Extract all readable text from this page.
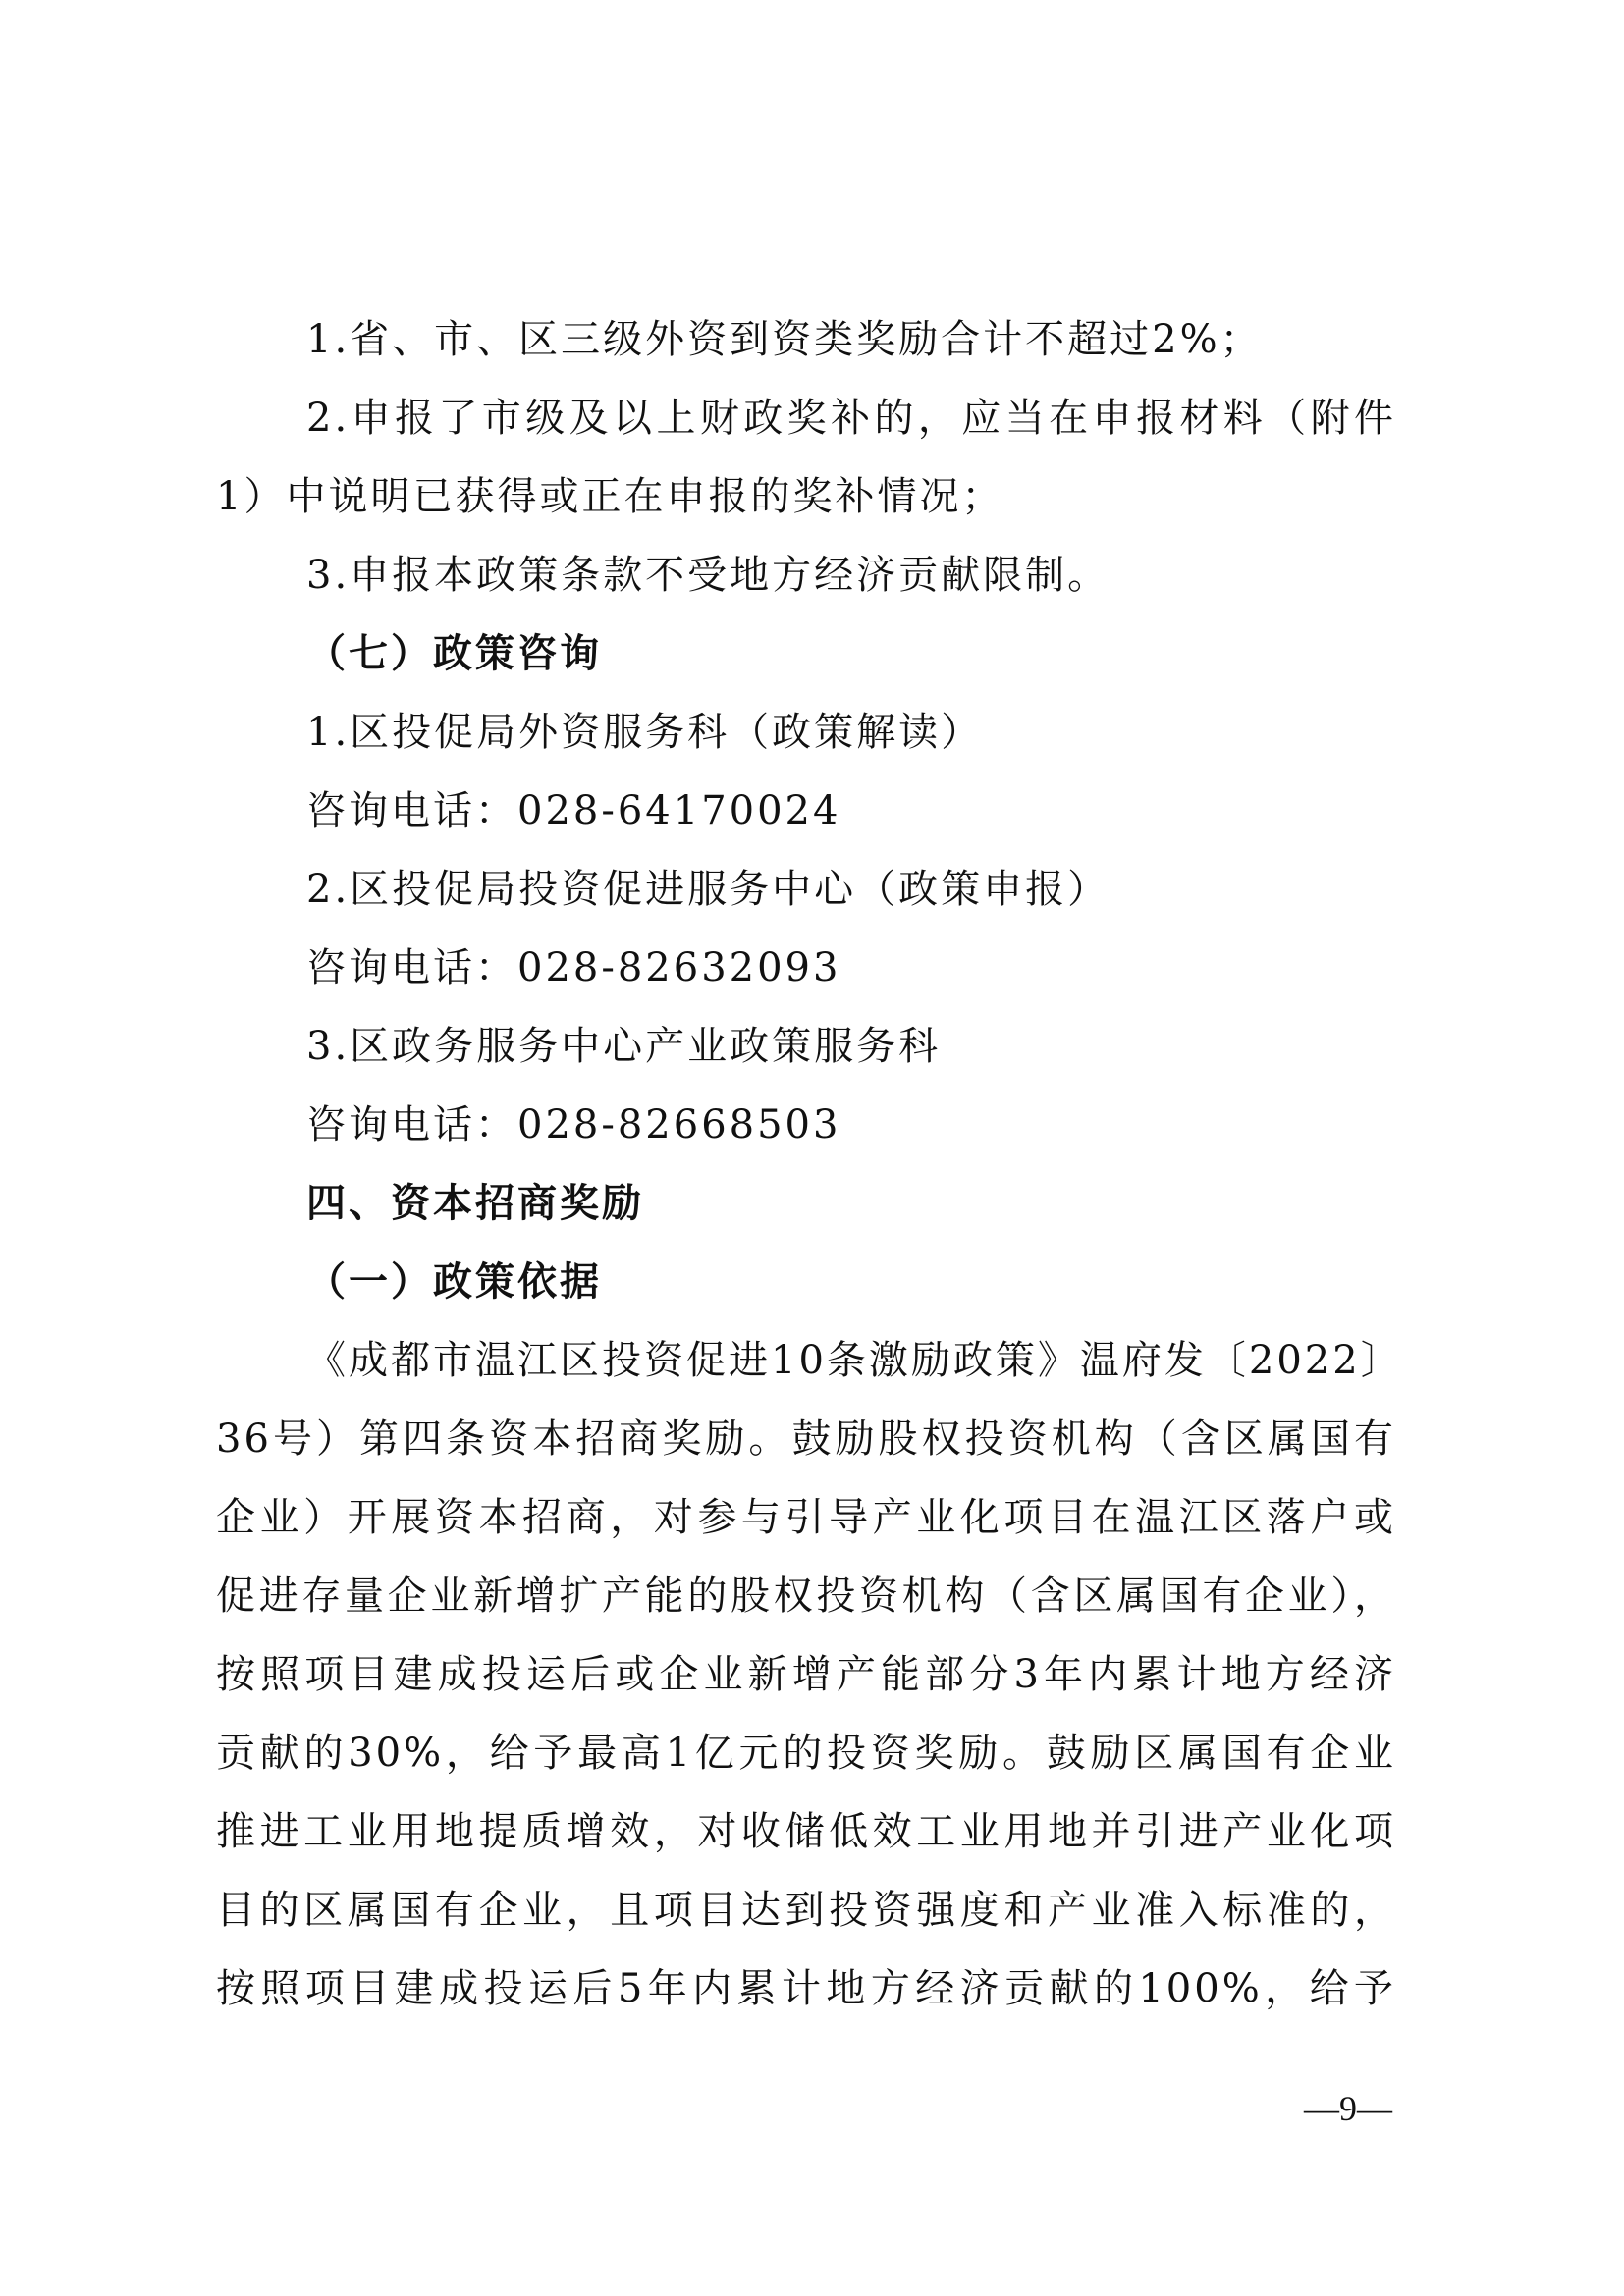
1.省、市、区三级外资到资类奖励合计不超过2%；
2.申报了市级及以上财政奖补的，应当在申报材料（附件
1）中说明已获得或正在申报的奖补情况；
3.申报本政策条款不受地方经济贡献限制。
（七）政策咨询
1.区投促局外资服务科（政策解读）
咨询电话：028-64170024
2.区投促局投资促进服务中心（政策申报）
咨询电话：028-82632093
3.区政务服务中心产业政策服务科
咨询电话：028-82668503
四、资本招商奖励
（一）政策依据
《成都市温江区投资促进10条激励政策》温府发〔2022〕
36号）第四条资本招商奖励。鼓励股权投资机构（含区属国有
企业）开展资本招商，对参与引导产业化项目在温江区落户或
促进存量企业新增扩产能的股权投资机构（含区属国有企业），
按照项目建成投运后或企业新增产能部分3年内累计地方经济
贡献的30%，给予最高1亿元的投资奖励。鼓励区属国有企业
推进工业用地提质增效，对收储低效工业用地并引进产业化项
目的区属国有企业，且项目达到投资强度和产业准入标准的，
按照项目建成投运后5年内累计地方经济贡献的100%，给予
—9—
